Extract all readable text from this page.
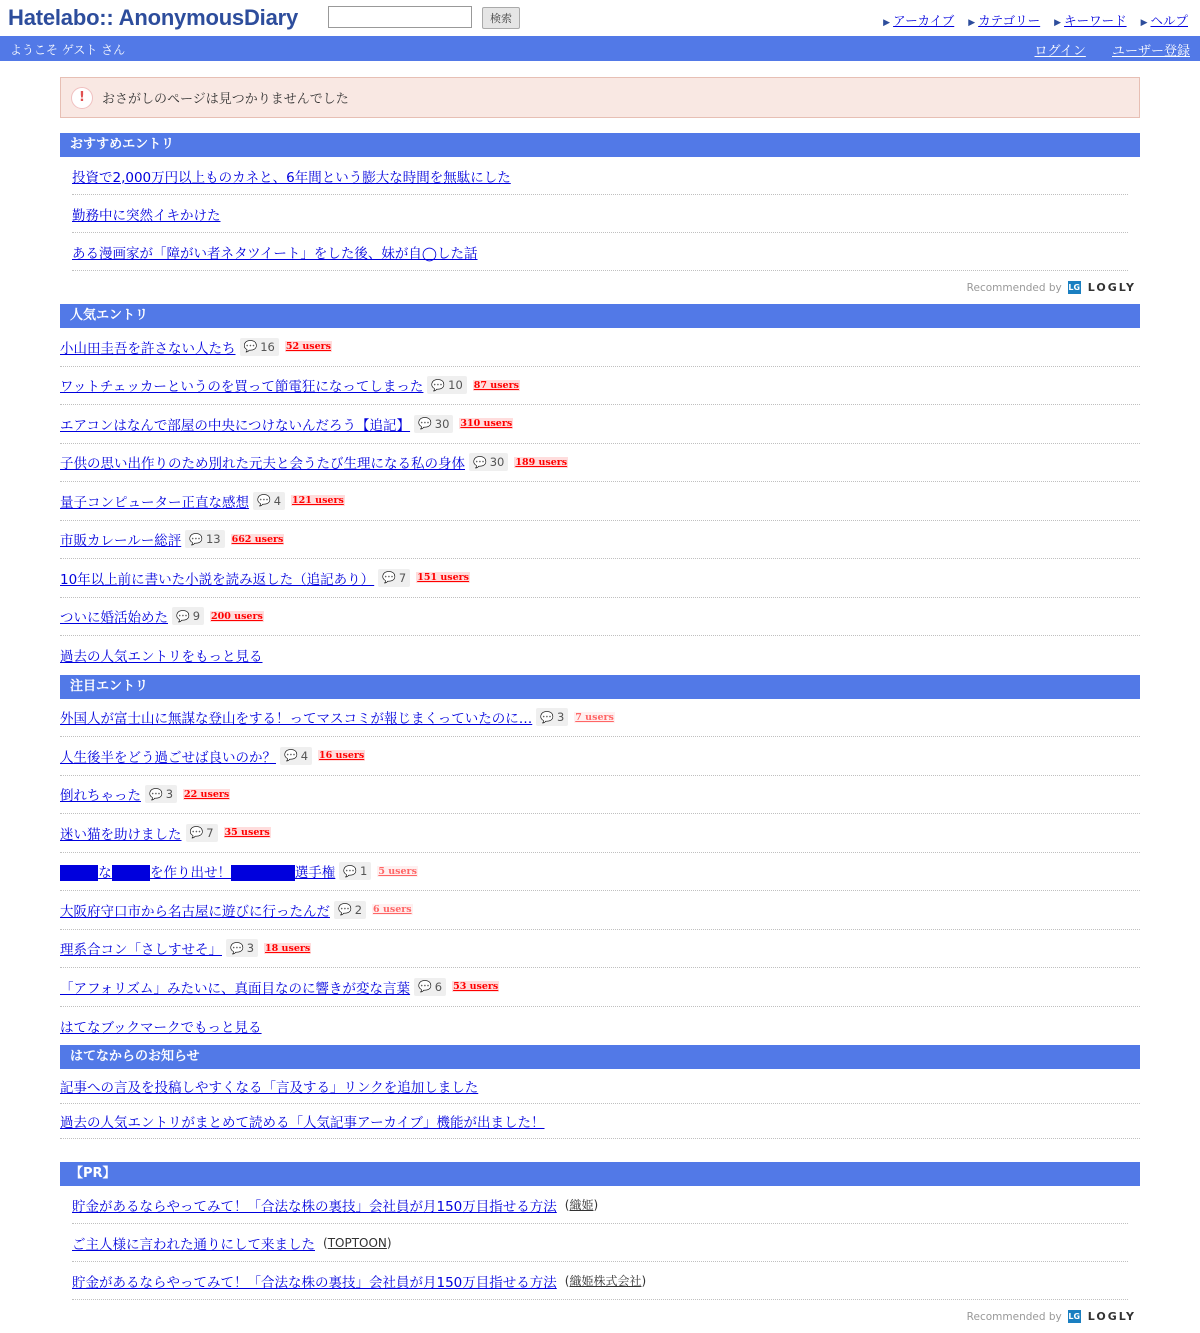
Hatelabo:: AnonymousDiary	検索	▶ アーカイブ ▶ カテゴリー ▶ キーワード ▶ ヘルプ
ようこそ ゲスト さん	ログイン ユーザー登録
!	おさがしのページは見つかりませんでした
おすすめエントリ
投資で2,000万円以上ものカネと、6年間という膨大な時間を無駄にした
勤務中に突然イキかけた
ある漫画家が「障がい者ネタツイート」をした後、妹が自◯した話
Recommended by LG LOGLY
人気エントリ
小山田圭吾を許さない人たち 💬 16 52 users
ワットチェッカーというのを買って節電狂になってしまった 💬 10 87 users
エアコンはなんで部屋の中央につけないんだろう【追記】 💬 30 310 users
子供の思い出作りのため別れた元夫と会うたび生理になる私の身体 💬 30 189 users
量子コンピューター正直な感想 💬 4 121 users
市販カレールー総評 💬 13 662 users
10年以上前に書いた小説を読み返した（追記あり） 💬 7 151 users
ついに婚活始めた 💬 9 200 users
過去の人気エントリをもっと見る
注目エントリ
外国人が富士山に無謀な登山をする！ってマスコミが報じまくっていたのに… 💬 3 7 users
人生後半をどう過ごせば良いのか？ 💬 4 16 users
倒れちゃった 💬 3 22 users
迷い猫を助けました 💬 7 35 users
■■■な■■■を作り出せ！■■■■■選手権 💬 1 5 users
大阪府守口市から名古屋に遊びに行ったんだ 💬 2 6 users
理系合コン「さしすせそ」 💬 3 18 users
「アフォリズム」みたいに、真面目なのに響きが変な言葉 💬 6 53 users
はてなブックマークでもっと見る
はてなからのお知らせ
記事への言及を投稿しやすくなる「言及する」リンクを追加しました
過去の人気エントリがまとめて読める「人気記事アーカイブ」機能が出ました！
【PR】
貯金があるならやってみて！「合法な株の裏技」会社員が月150万目指せる方法 (織姫)
ご主人様に言われた通りにして来ました (TOPTOON)
貯金があるならやってみて！「合法な株の裏技」会社員が月150万目指せる方法 (織姫株式会社)
Recommended by LG LOGLY
